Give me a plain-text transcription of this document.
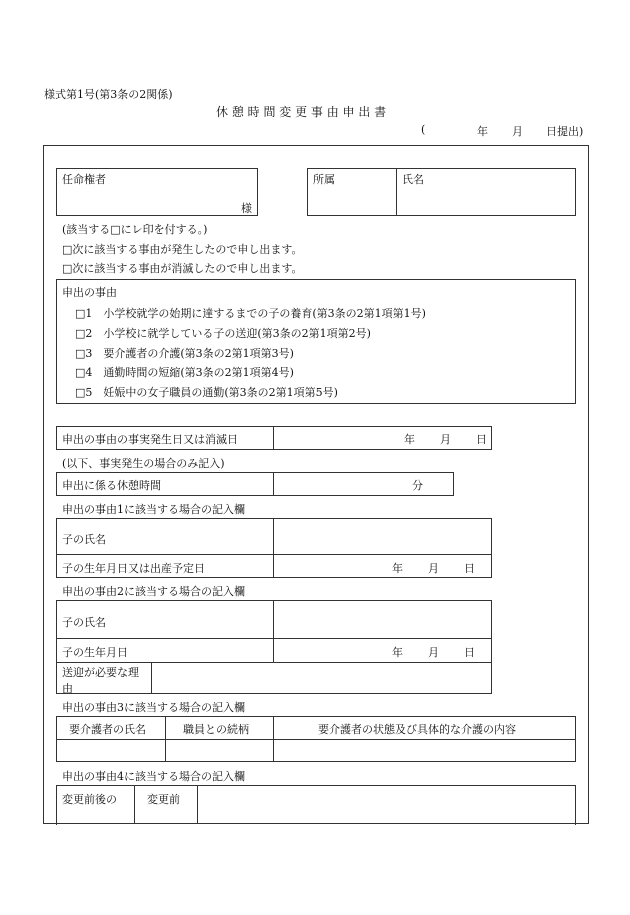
様式第1号(第3条の2関係)
休 憩 時 間 変 更 事 由 申 出 書
(	年 月 日提出)
任命権者
様
所属	氏名
(該当する□にレ印を付する。)
□次に該当する事由が発生したので申し出ます。
□次に該当する事由が消滅したので申し出ます。
申出の事由
□1　小学校就学の始期に達するまでの子の養育(第3条の2第1項第1号)
□2　小学校に就学している子の送迎(第3条の2第1項第2号)
□3　要介護者の介護(第3条の2第1項第3号)
□4　通勤時間の短縮(第3条の2第1項第4号)
□5　妊娠中の女子職員の通勤(第3条の2第1項第5号)
申出の事由の事実発生日又は消滅日	年 月 日
(以下、事実発生の場合のみ記入)
申出に係る休憩時間	分
申出の事由1に該当する場合の記入欄
子の氏名
子の生年月日又は出産予定日	年 月 日
申出の事由2に該当する場合の記入欄
子の氏名
子の生年月日	年 月 日
送迎が必要な理
由
申出の事由3に該当する場合の記入欄
要介護者の氏名	職員との続柄	要介護者の状態及び具体的な介護の内容
申出の事由4に該当する場合の記入欄
変更前後の	変更前
